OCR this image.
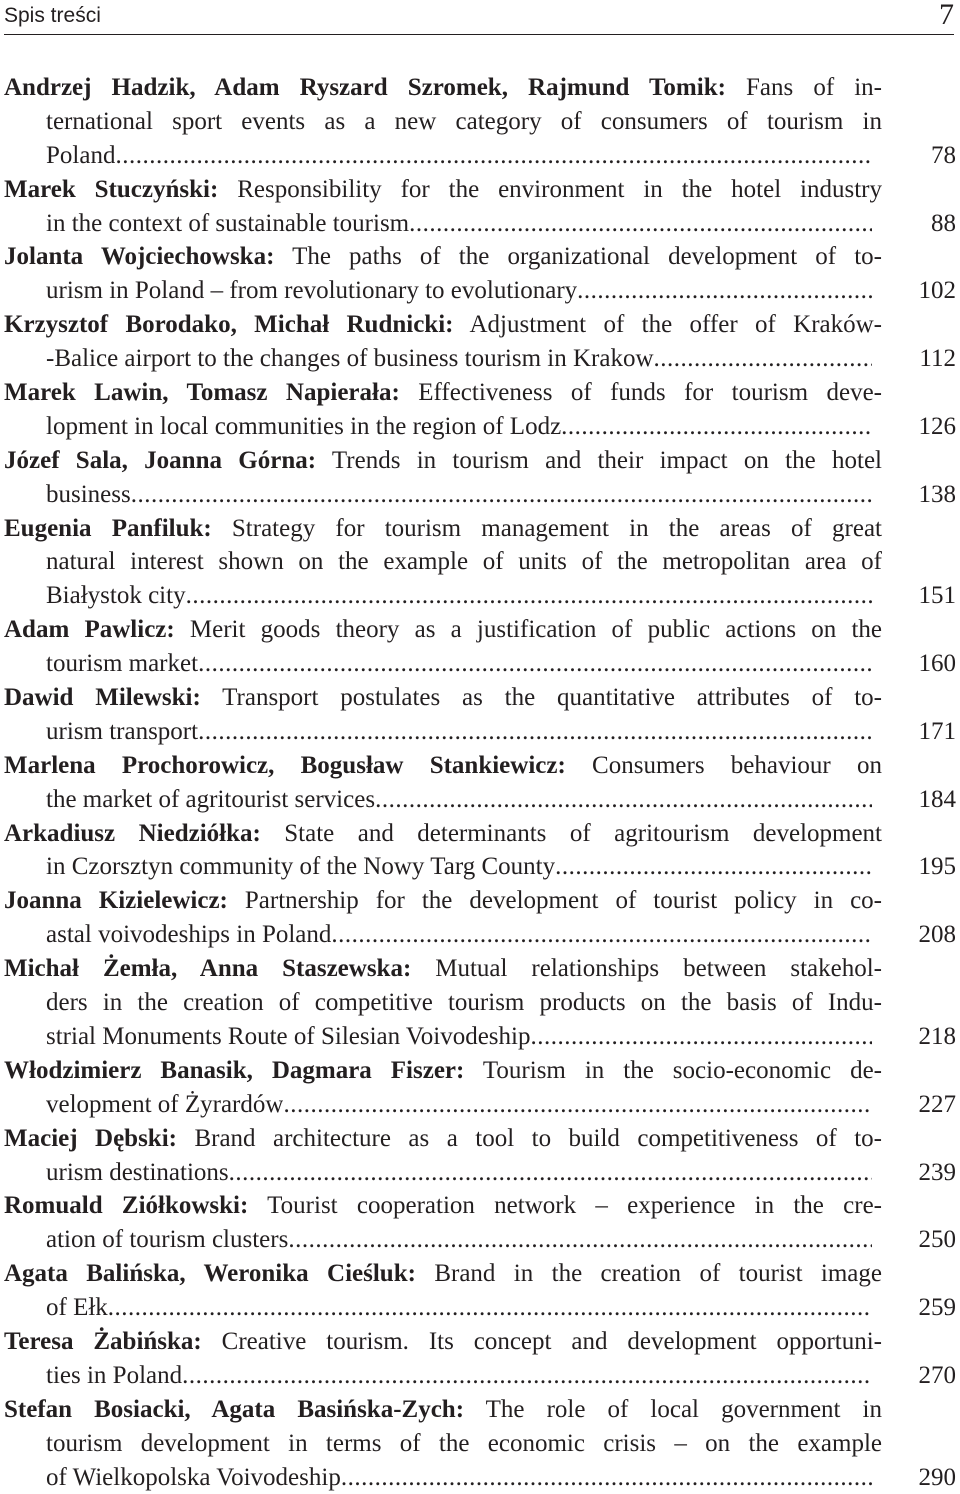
Spis treści	7
Andrzej Hadzik, Adam Ryszard Szromek, Rajmund Tomik: Fans of in-
ternational sport events as a new category of consumers of tourism in
Poland .....	78
Marek Stuczyński: Responsibility for the environment in the hotel industry
in the context of sustainable tourism .....	88
Jolanta Wojciechowska: The paths of the organizational development of to-
urism in Poland – from revolutionary to evolutionary .....	102
Krzysztof Borodako, Michał Rudnicki: Adjustment of the offer of Kraków-
-Balice airport to the changes of business tourism in Krakow .....	112
Marek Lawin, Tomasz Napierała: Effectiveness of funds for tourism deve-
lopment in local communities in the region of Lodz .....	126
Józef Sala, Joanna Górna: Trends in tourism and their impact on the hotel
business .....	138
Eugenia Panfiluk: Strategy for tourism management in the areas of great
natural interest shown on the example of units of the metropolitan area of
Białystok city .....	151
Adam Pawlicz: Merit goods theory as a justification of public actions on the
tourism market .....	160
Dawid Milewski: Transport postulates as the quantitative attributes of to-
urism transport .....	171
Marlena Prochorowicz, Bogusław Stankiewicz: Consumers behaviour on
the market of agritourist services .....	184
Arkadiusz Niedziółka: State and determinants of agritourism development
in Czorsztyn community of the Nowy Targ County .....	195
Joanna Kizielewicz: Partnership for the development of tourist policy in co-
astal voivodeships in Poland .....	208
Michał Żemła, Anna Staszewska: Mutual relationships between stakehol-
ders in the creation of competitive tourism products on the basis of Indu-
strial Monuments Route of Silesian Voivodeship .....	218
Włodzimierz Banasik, Dagmara Fiszer: Tourism in the socio-economic de-
velopment of Żyrardów .....	227
Maciej Dębski: Brand architecture as a tool to build competitiveness of to-
urism destinations .....	239
Romuald Ziółkowski: Tourist cooperation network – experience in the cre-
ation of tourism clusters .....	250
Agata Balińska, Weronika Cieśluk: Brand in the creation of tourist image
of Ełk .....	259
Teresa Żabińska: Creative tourism. Its concept and development opportuni-
ties in Poland .....	270
Stefan Bosiacki, Agata Basińska-Zych: The role of local government in
tourism development in terms of the economic crisis – on the example
of Wielkopolska Voivodeship .....	290
